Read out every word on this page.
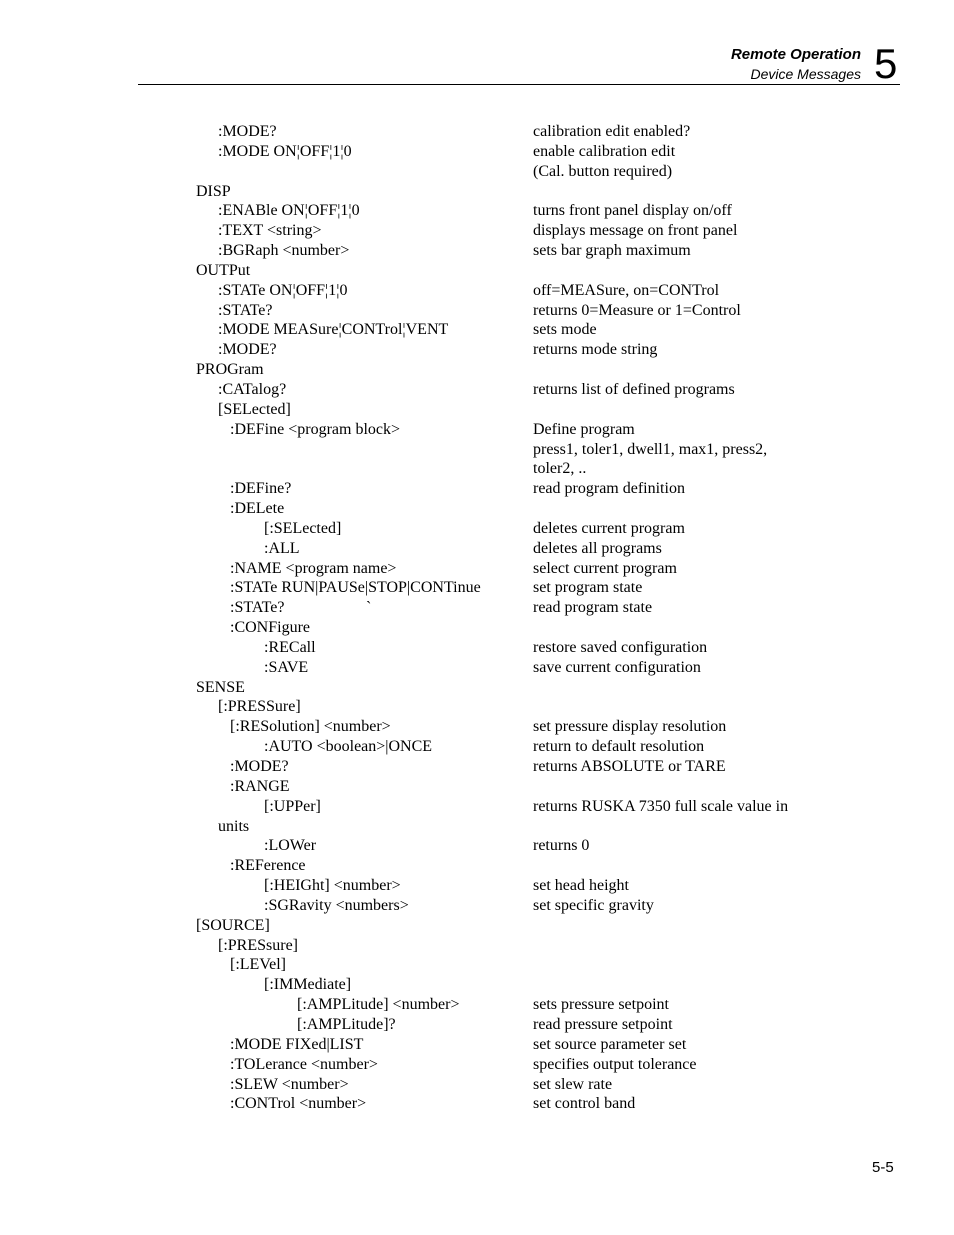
Remote Operation
Device Messages 5
:MODE?	calibration edit enabled?
:MODE ON¦OFF¦1¦0	enable calibration edit
(Cal. button required)
DISP
:ENABle ON¦OFF¦1¦0	turns front panel display on/off
:TEXT <string>	displays message on front panel
:BGRaph <number>	sets bar graph maximum
OUTPut
:STATe ON¦OFF¦1¦0	off=MEASure, on=CONTrol
:STATe?	returns 0=Measure or 1=Control
:MODE MEASure¦CONTrol¦VENT	sets mode
:MODE?	returns mode string
PROGram
:CATalog?	returns list of defined programs
[SELected]
:DEFine <program block>	Define program
press1, toler1, dwell1, max1, press2,
toler2, ..
:DEFine?	read program definition
:DELete
[:SELected]	deletes current program
:ALL	deletes all programs
:NAME <program name>	select current program
:STATe RUN|PAUSe|STOP|CONTinue	set program state
:STATe?	`	read program state
:CONFigure
:RECall	restore saved configuration
:SAVE	save current configuration
SENSE
[:PRESSure]
[:RESolution] <number>	set pressure display resolution
:AUTO <boolean>|ONCE	return to default resolution
:MODE?	returns ABSOLUTE or TARE
:RANGE
[:UPPer]	returns RUSKA 7350 full scale value in
units
:LOWer	returns 0
:REFerence
[:HEIGht] <number>	set head height
:SGRavity <numbers>	set specific gravity
[SOURCE]
[:PRESsure]
[:LEVel]
[:IMMediate]
[:AMPLitude] <number>	sets pressure setpoint
[:AMPLitude]?	read pressure setpoint
:MODE FIXed|LIST	set source parameter set
:TOLerance <number>	specifies output tolerance
:SLEW <number>	set slew rate
:CONTrol <number>	set control band
5-5
